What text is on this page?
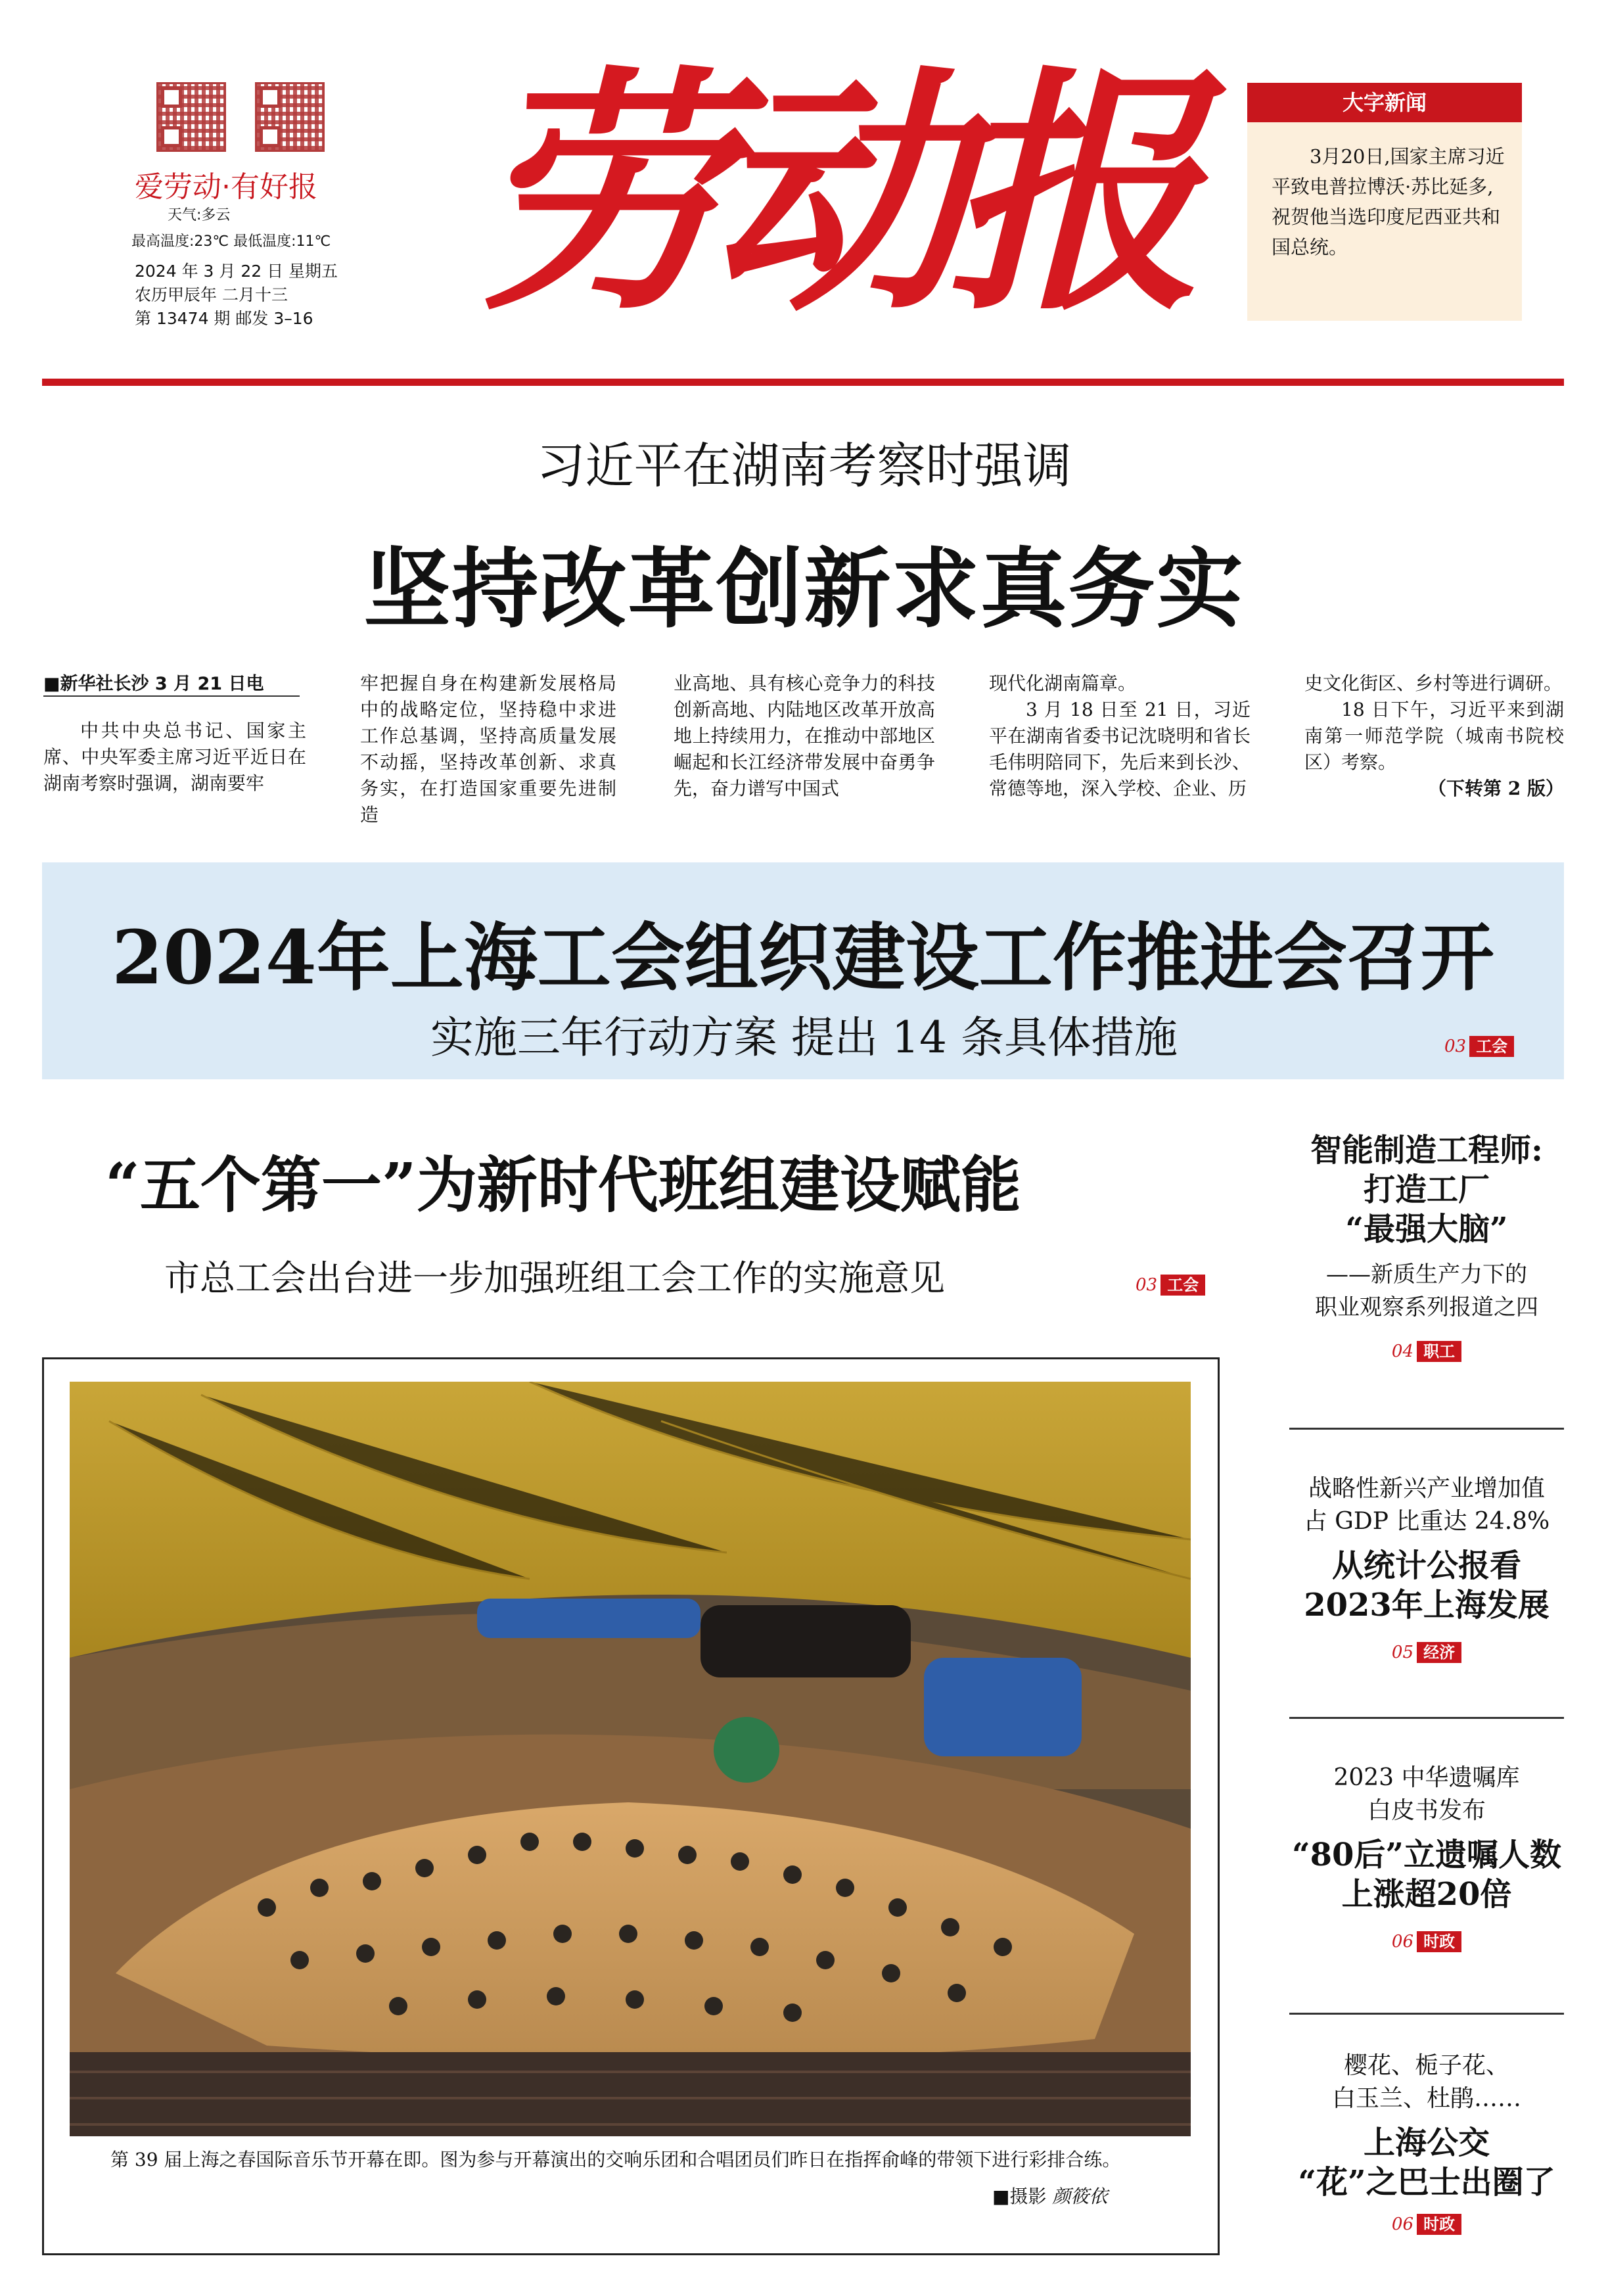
爱劳动·有好报
天气:多云
最高温度:23℃ 最低温度:11℃
2024 年 3 月 22 日 星期五
农历甲辰年 二月十三
第 13474 期 邮发 3–16 劳动报	大字新闻
3月20日,国家主席习近平致电普拉博沃·苏比延多,祝贺他当选印度尼西亚共和国总统。
习近平在湖南考察时强调
坚持改革创新求真务实
■ 新华社长沙 3 月 21 日电
中共中央总书记、国家主席、中央军委主席习近平近日在湖南考察时强调，湖南要牢
牢把握自身在构建新发展格局中的战略定位，坚持稳中求进工作总基调，坚持高质量发展不动摇，坚持改革创新、求真务实，在打造国家重要先进制造
业高地、具有核心竞争力的科技创新高地、内陆地区改革开放高地上持续用力，在推动中部地区崛起和长江经济带发展中奋勇争先，奋力谱写中国式

现代化湖南篇章。

3 月 18 日至 21 日，习近平在湖南省委书记沈晓明和省长毛伟明陪同下，先后来到长沙、常德等地，深入学校、企业、历

史文化街区、乡村等进行调研。

18 日下午，习近平来到湖南第一师范学院（城南书院校区）考察。

（下转第 2 版）

2024年上海工会组织建设工作推进会召开
实施三年行动方案 提出 14 条具体措施	03 工会
“五个第一”为新时代班组建设赋能
市总工会出台进一步加强班组工会工作的实施意见	03 工会
第 39 届上海之春国际音乐节开幕在即。图为参与开幕演出的交响乐团和合唱团员们昨日在指挥俞峰的带领下进行彩排合练。
■摄影 颜筱依
智能制造工程师:
打造工厂
“最强大脑”
——新质生产力下的
职业观察系列报道之四
04 职工
战略性新兴产业增加值
占 GDP 比重达 24.8%
从统计公报看
2023年上海发展
05 经济
2023 中华遗嘱库
白皮书发布
“80后”立遗嘱人数
上涨超20倍
06 时政
樱花、栀子花、
白玉兰、杜鹃……
上海公交
“花”之巴士出圈了
06 时政
